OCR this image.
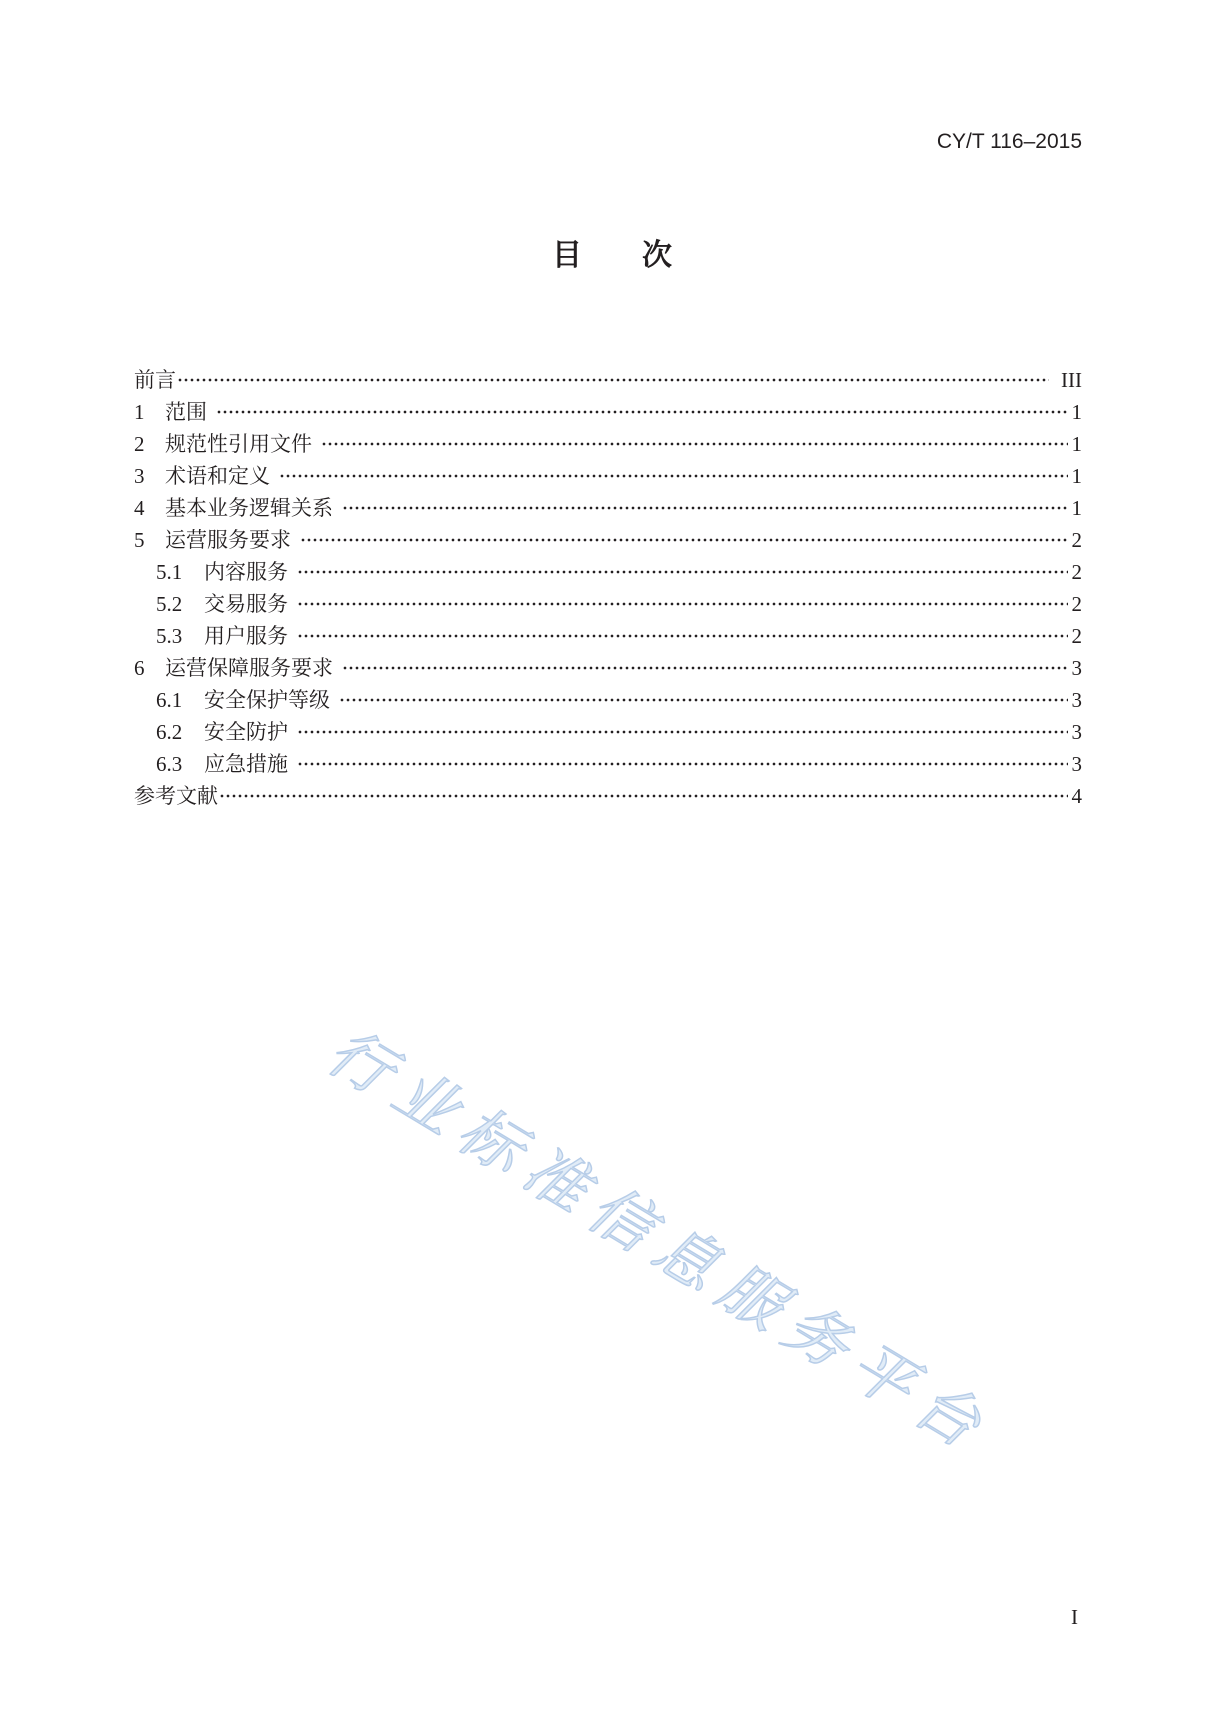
CY/T 116–2015
目　　次
前言	III
1 范围	1
2 规范性引用文件	1
3 术语和定义	1
4 基本业务逻辑关系	1
5 运营服务要求	2
5.1	内容服务	2
5.2	交易服务	2
5.3	用户服务	2
6 运营保障服务要求	3
6.1	安全保护等级	3
6.2	安全防护	3
6.3	应急措施	3
参考文献	4
I
行业标准信息服务平台
